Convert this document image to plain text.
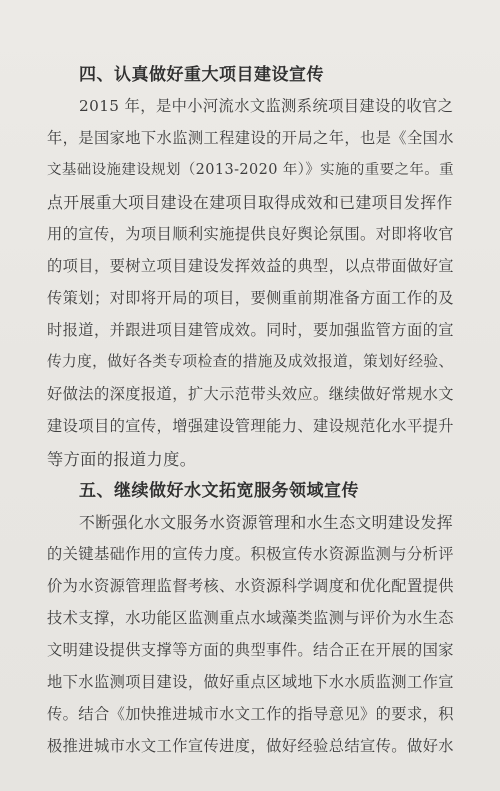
四、认真做好重大项目建设宣传
2015 年，是中小河流水文监测系统项目建设的收官之
年，是国家地下水监测工程建设的开局之年，也是《全国水
文基础设施建设规划（2013-2020 年）》实施的重要之年。重
点开展重大项目建设在建项目取得成效和已建项目发挥作
用的宣传，为项目顺利实施提供良好舆论氛围。对即将收官
的项目，要树立项目建设发挥效益的典型，以点带面做好宣
传策划；对即将开局的项目，要侧重前期准备方面工作的及
时报道，并跟进项目建管成效。同时，要加强监管方面的宣
传力度，做好各类专项检查的措施及成效报道，策划好经验、
好做法的深度报道，扩大示范带头效应。继续做好常规水文
建设项目的宣传，增强建设管理能力、建设规范化水平提升
等方面的报道力度。
五、继续做好水文拓宽服务领域宣传
不断强化水文服务水资源管理和水生态文明建设发挥
的关键基础作用的宣传力度。积极宣传水资源监测与分析评
价为水资源管理监督考核、水资源科学调度和优化配置提供
技术支撑，水功能区监测重点水域藻类监测与评价为水生态
文明建设提供支撑等方面的典型事件。结合正在开展的国家
地下水监测项目建设，做好重点区域地下水水质监测工作宣
传。结合《加快推进城市水文工作的指导意见》的要求，积
极推进城市水文工作宣传进度，做好经验总结宣传。做好水
